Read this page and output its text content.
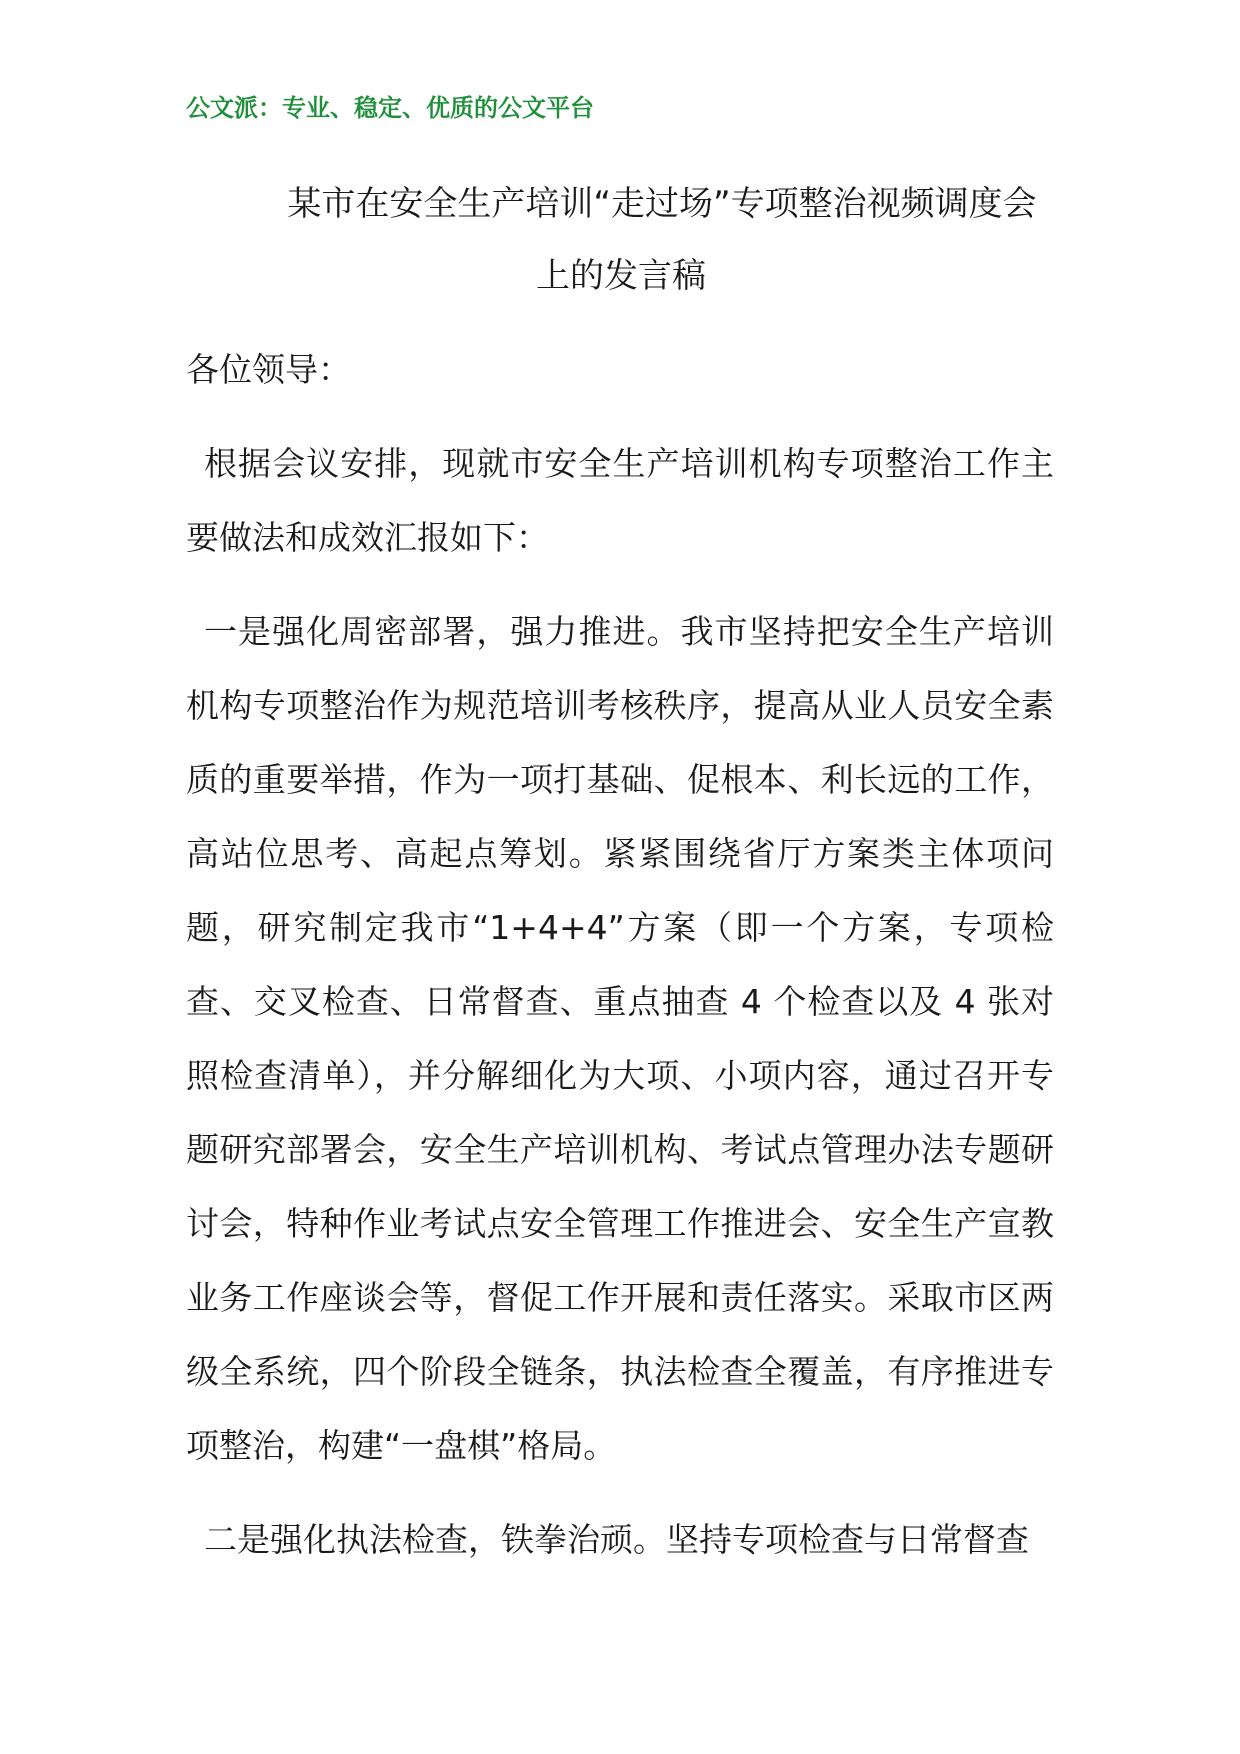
公文派：专业、稳定、优质的公文平台
某市在安全生产培训“走过场”专项整治视频调度会
上的发言稿

各位领导：

根据会议安排，现就市安全生产培训机构专项整治工作主要做法和成效汇报如下：

一是强化周密部署，强力推进。我市坚持把安全生产培训机构专项整治作为规范培训考核秩序，提高从业人员安全素质的重要举措，作为一项打基础、促根本、利长远的工作，高站位思考、高起点筹划。紧紧围绕省厅方案类主体项问题，研究制定我市“1+4+4”方案（即一个方案，专项检查、交叉检查、日常督查、重点抽查 4 个检查以及 4 张对照检查清单），并分解细化为大项、小项内容，通过召开专题研究部署会，安全生产培训机构、考试点管理办法专题研讨会，特种作业考试点安全管理工作推进会、安全生产宣教业务工作座谈会等，督促工作开展和责任落实。采取市区两级全系统，四个阶段全链条，执法检查全覆盖，有序推进专项整治，构建“一盘棋”格局。

二是强化执法检查，铁拳治顽。坚持专项检查与日常督查
